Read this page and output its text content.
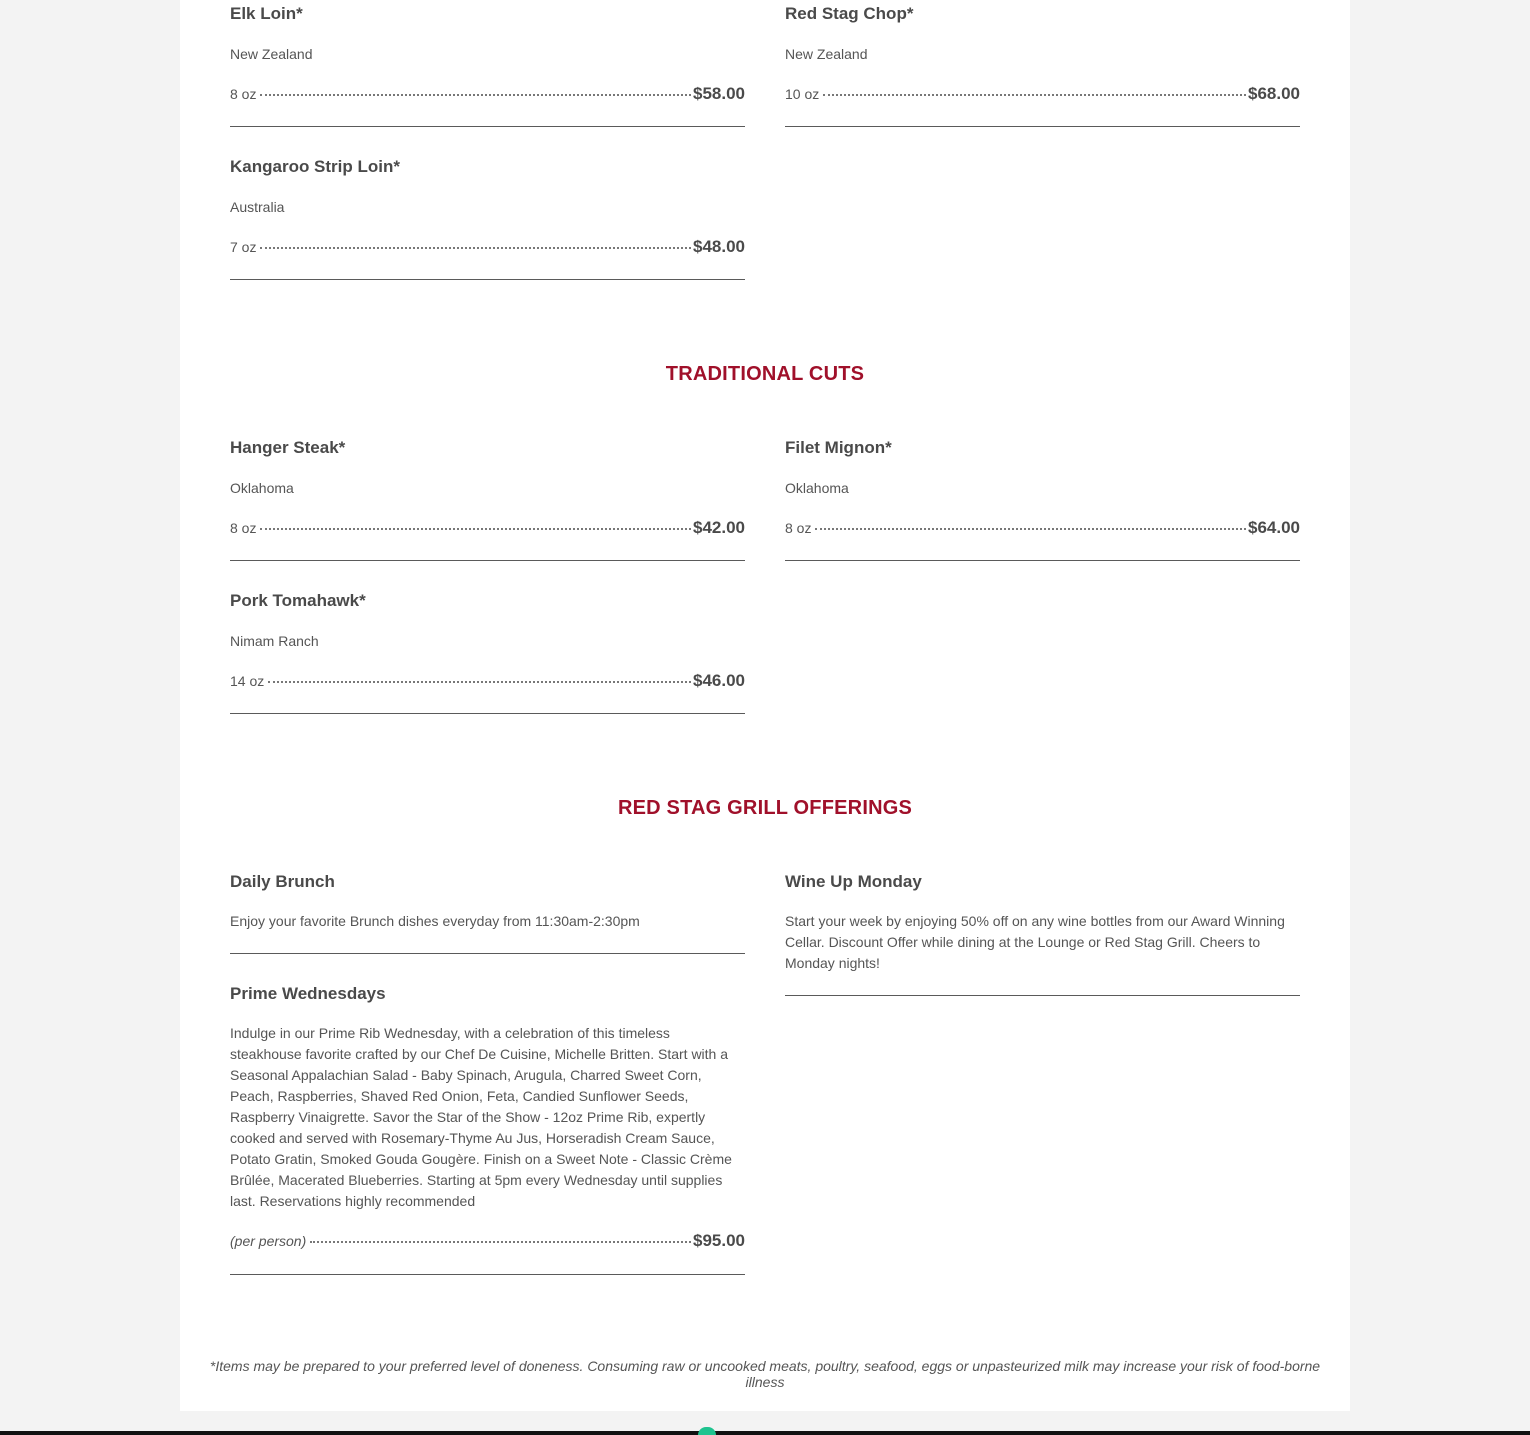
Elk Loin*
New Zealand
8 oz	$58.00
Red Stag Chop*
New Zealand
10 oz	$68.00
Kangaroo Strip Loin*
Australia
7 oz	$48.00
TRADITIONAL CUTS
Hanger Steak*
Oklahoma
8 oz	$42.00
Filet Mignon*
Oklahoma
8 oz	$64.00
Pork Tomahawk*
Nimam Ranch
14 oz	$46.00
RED STAG GRILL OFFERINGS
Daily Brunch
Enjoy your favorite Brunch dishes everyday from 11:30am-2:30pm
Wine Up Monday
Start your week by enjoying 50% off on any wine bottles from our Award Winning Cellar. Discount Offer while dining at the Lounge or Red Stag Grill. Cheers to Monday nights!
Prime Wednesdays
Indulge in our Prime Rib Wednesday, with a celebration of this timeless steakhouse favorite crafted by our Chef De Cuisine, Michelle Britten. Start with a Seasonal Appalachian Salad - Baby Spinach, Arugula, Charred Sweet Corn, Peach, Raspberries, Shaved Red Onion, Feta, Candied Sunflower Seeds, Raspberry Vinaigrette. Savor the Star of the Show - 12oz Prime Rib, expertly cooked and served with Rosemary-Thyme Au Jus, Horseradish Cream Sauce, Potato Gratin, Smoked Gouda Gougère. Finish on a Sweet Note - Classic Crème Brûlée, Macerated Blueberries. Starting at 5pm every Wednesday until supplies last. Reservations highly recommended
(per person)	$95.00
*Items may be prepared to your preferred level of doneness. Consuming raw or uncooked meats, poultry, seafood, eggs or unpasteurized milk may increase your risk of food-borne illness
